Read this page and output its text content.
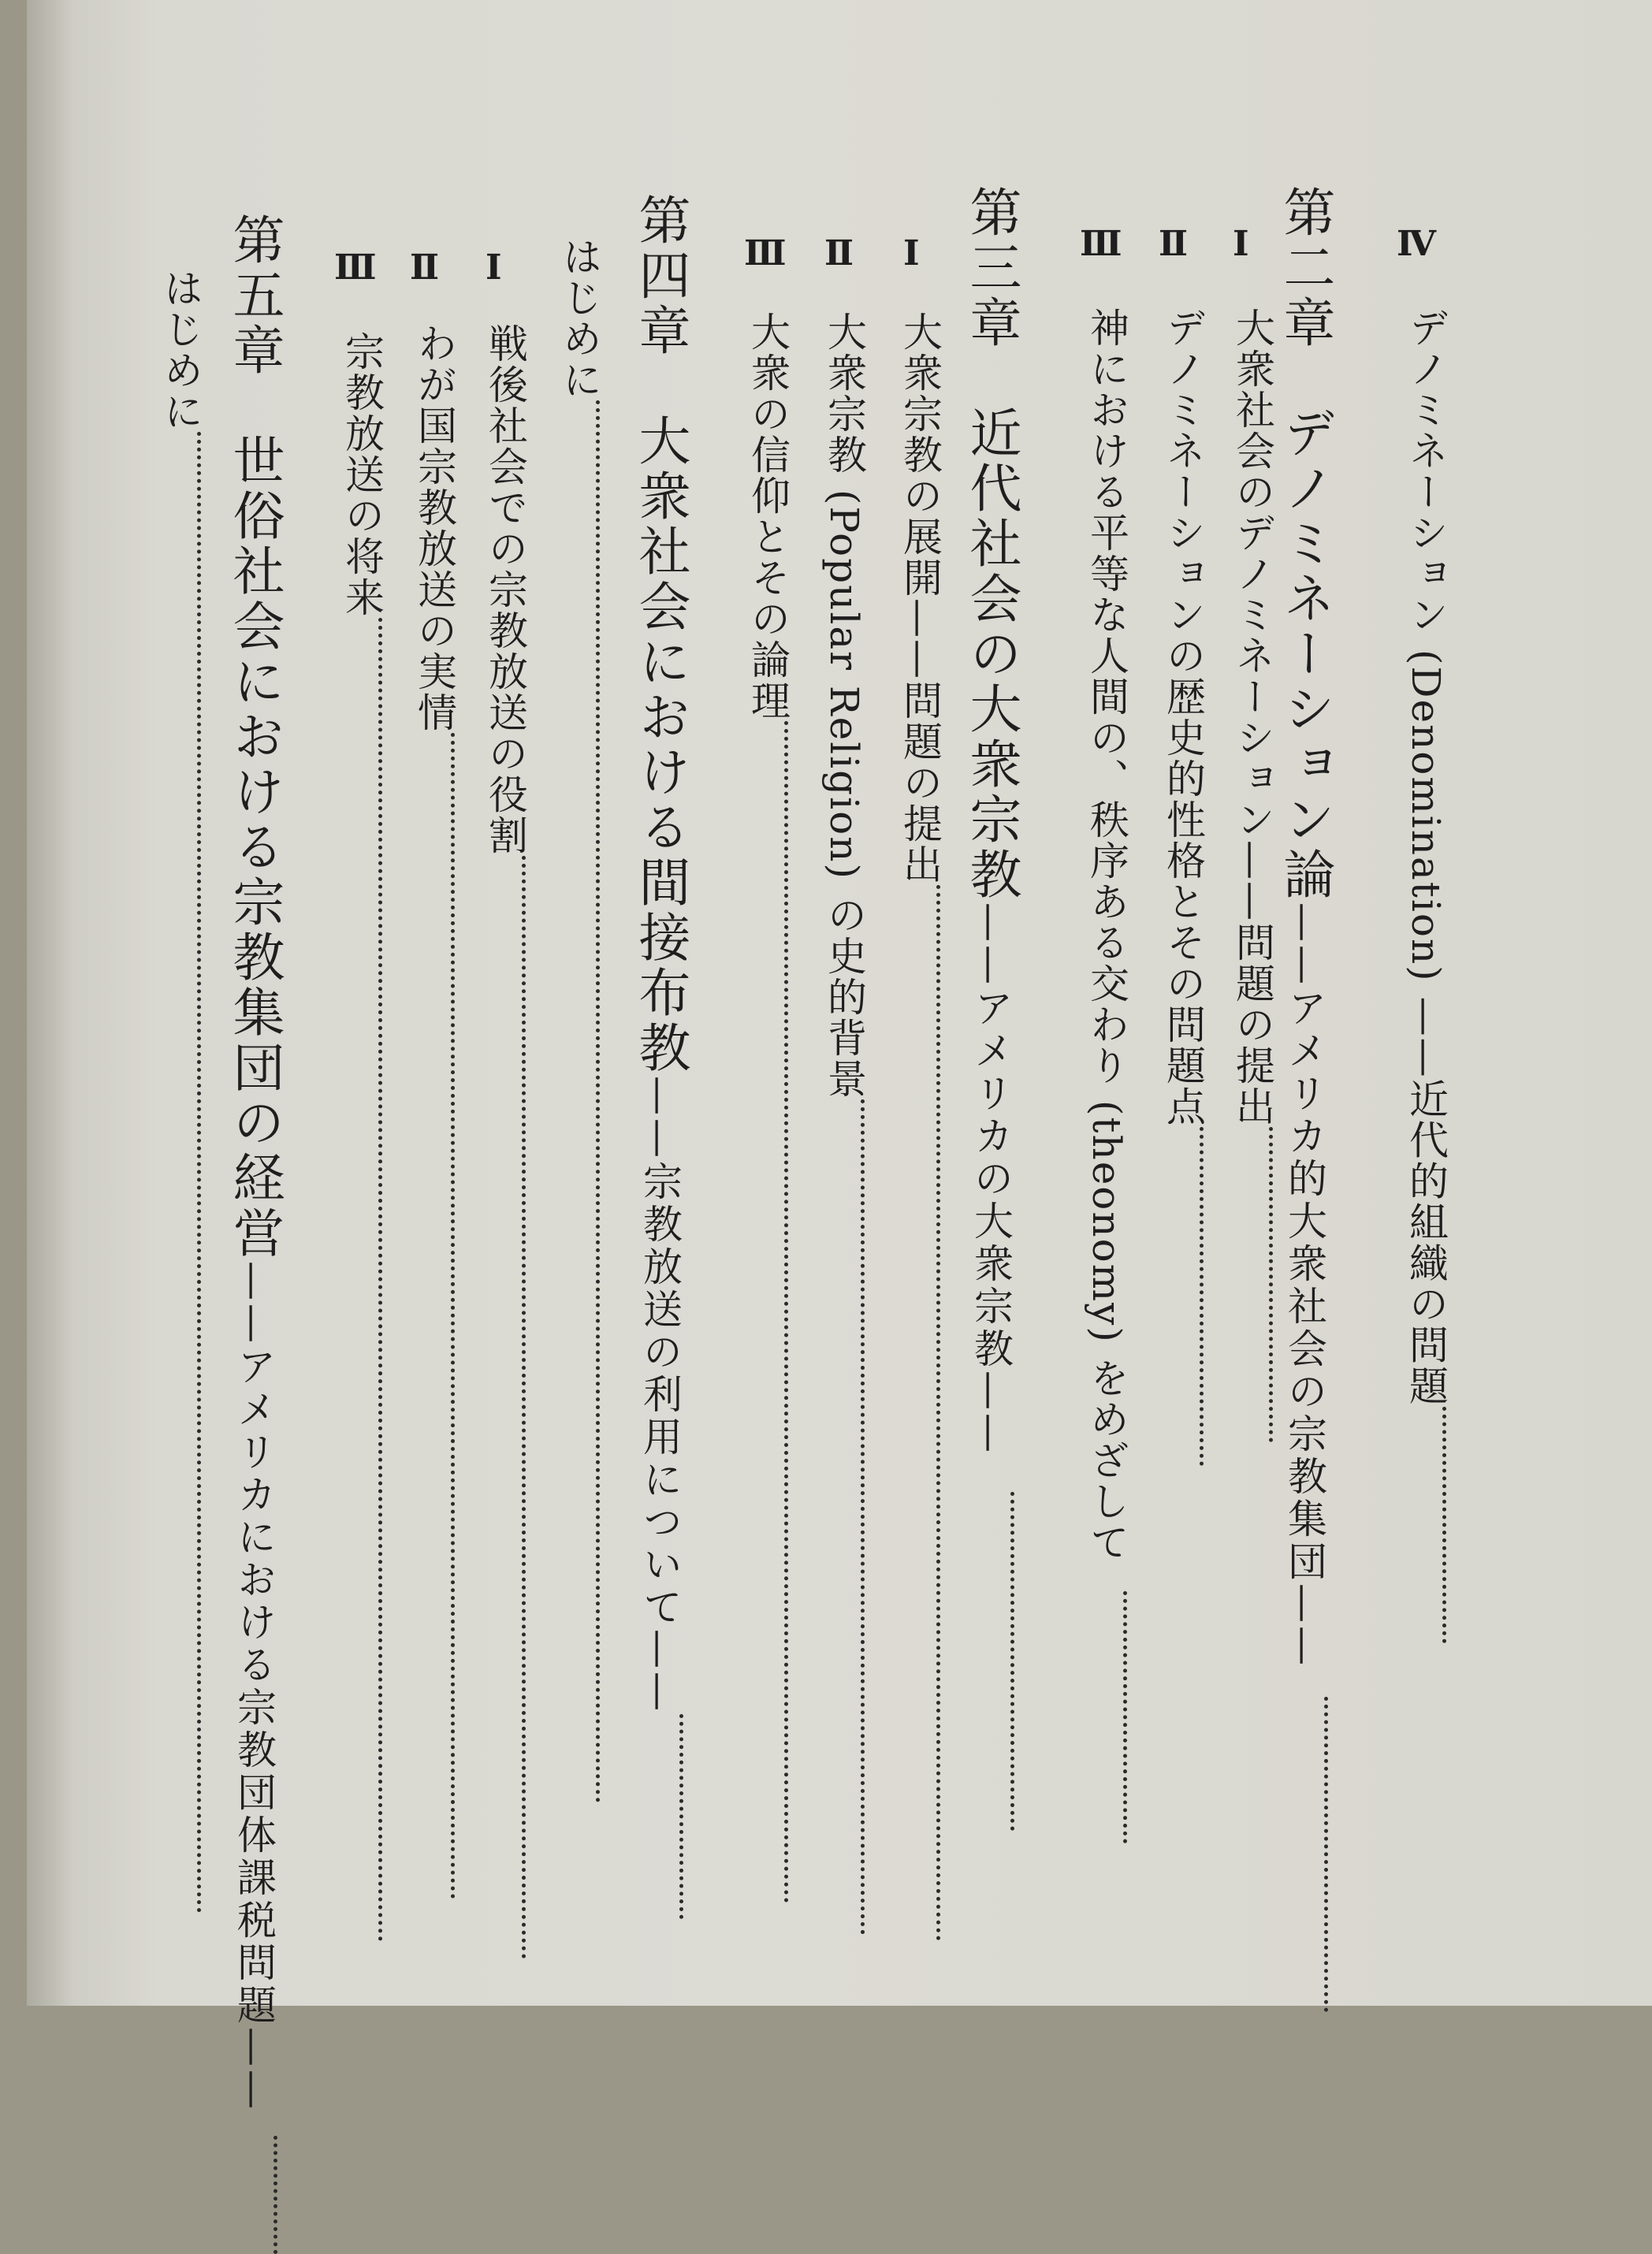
Ⅳ
デノミネーション (Denomination) ——近代的組織の問題
第二章　デノミネーション論——アメリカ的大衆社会の宗教集団——
Ⅰ
大衆社会のデノミネーション——問題の提出
Ⅱ
デノミネーションの歴史的性格とその問題点
Ⅲ
神における平等な人間の、秩序ある交わり (theonomy) をめざして
第三章　近代社会の大衆宗教——アメリカの大衆宗教——
Ⅰ
大衆宗教の展開——問題の提出
Ⅱ
大衆宗教 (Popular Religion) の史的背景
Ⅲ
大衆の信仰とその論理
第四章　大衆社会における間接布教——宗教放送の利用について——
はじめに
Ⅰ
戦後社会での宗教放送の役割
Ⅱ
わが国宗教放送の実情
Ⅲ
宗教放送の将来
第五章　世俗社会における宗教集団の経営——アメリカにおける宗教団体課税問題——
はじめに
